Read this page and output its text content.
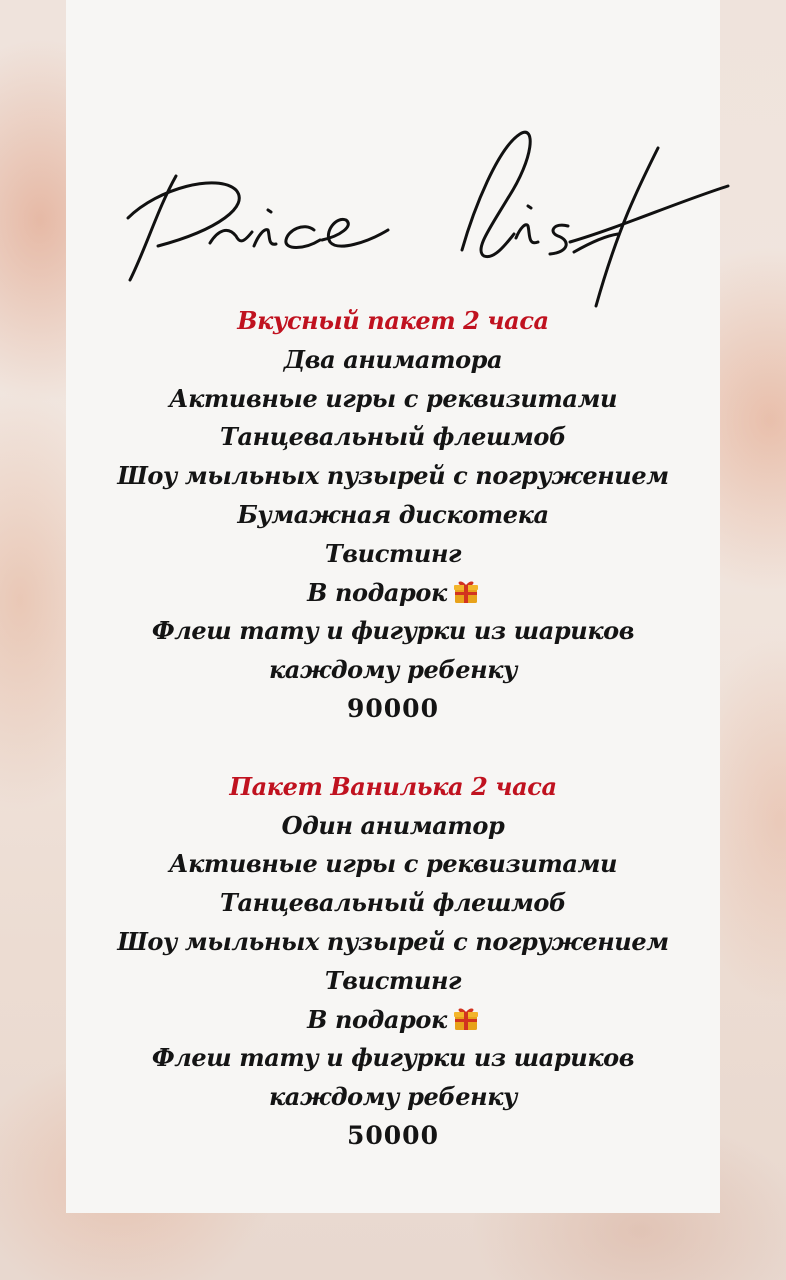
Вкусный пакет 2 часа
Два аниматора
Активные игры с реквизитами
Танцевальный флешмоб
Шоу мыльных пузырей с погружением
Бумажная дискотека
Твистинг
В подарок
Флеш тату и фигурки из шариков
каждому ребенку
90000
Пакет Ванилька 2 часа
Один аниматор
Активные игры с реквизитами
Танцевальный флешмоб
Шоу мыльных пузырей с погружением
Твистинг
В подарок
Флеш тату и фигурки из шариков
каждому ребенку
50000
